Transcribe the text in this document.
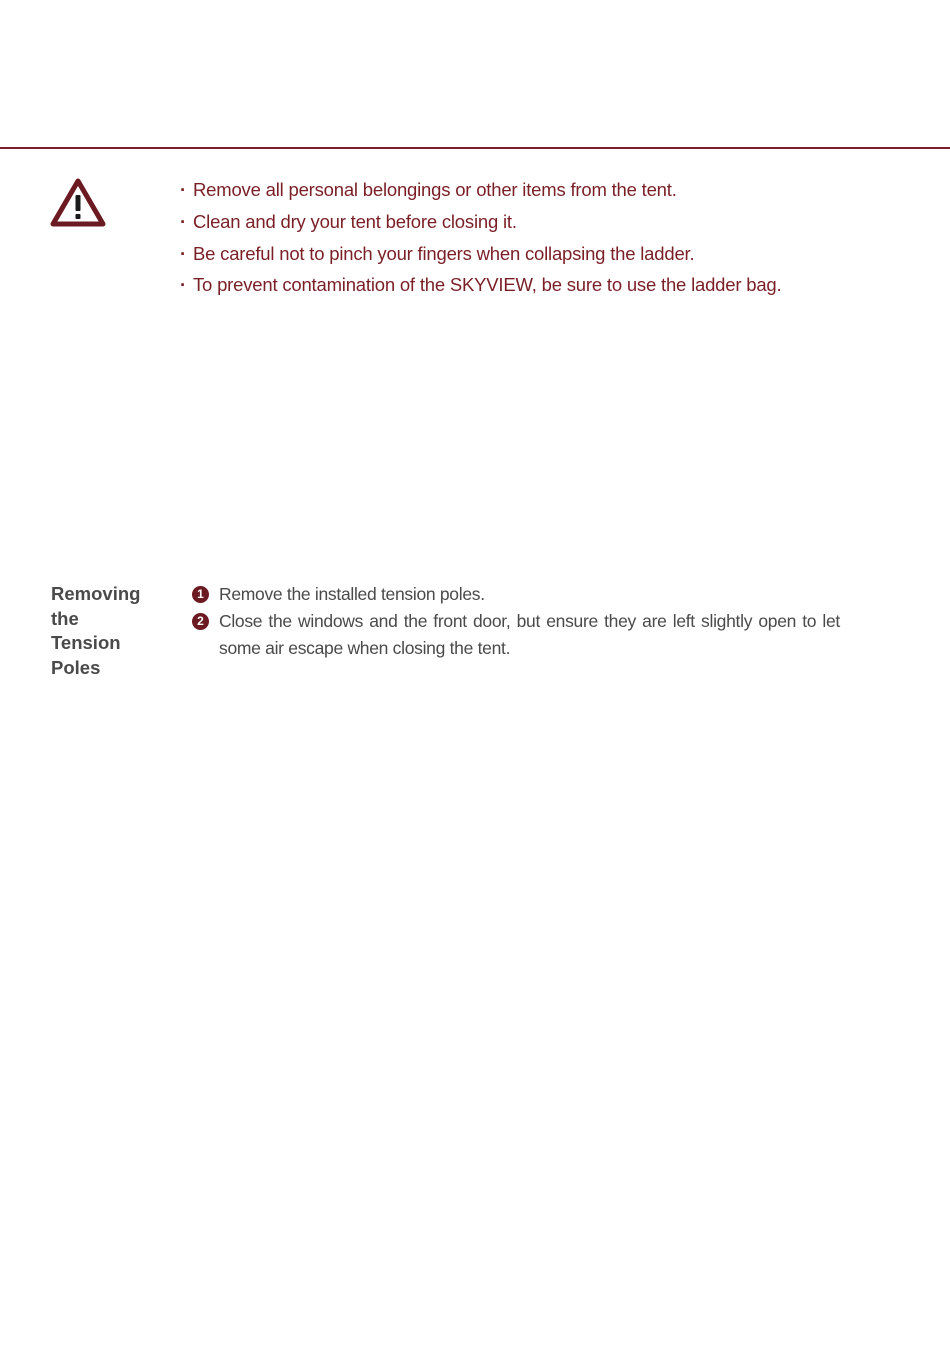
· Remove all personal belongings or other items from the tent.
· Clean and dry your tent before closing it.
· Be careful not to pinch your fingers when collapsing the ladder.
· To prevent contamination of the SKYVIEW, be sure to use the ladder bag.
Removing
the
Tension
Poles
1 Remove the installed tension poles.
2 Close the windows and the front door, but ensure they are left slightly open to let some air escape when closing the tent.
